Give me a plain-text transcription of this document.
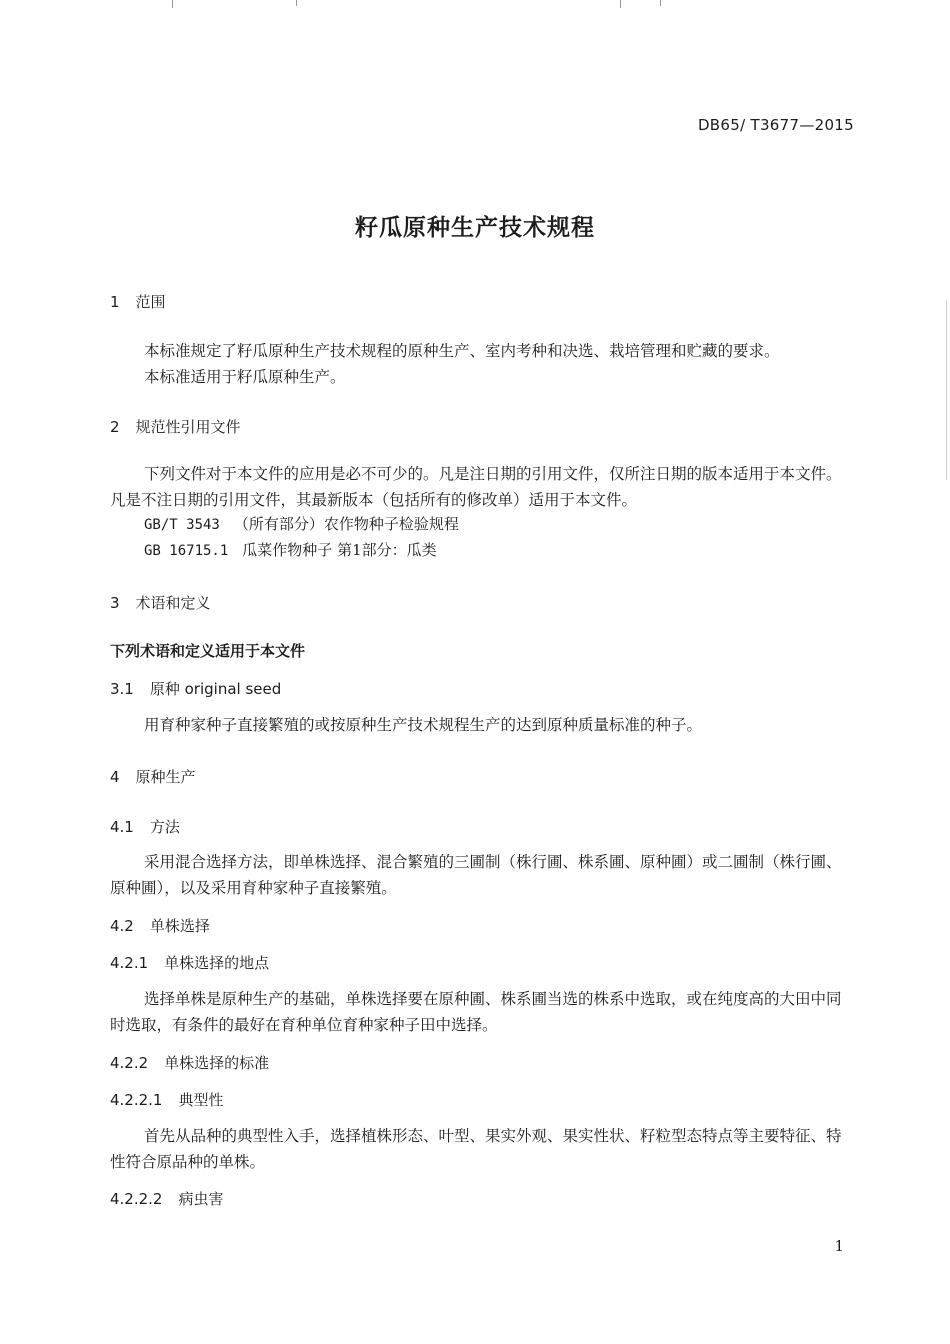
DB65/ T3677—2015
籽瓜原种生产技术规程
1 范围
本标准规定了籽瓜原种生产技术规程的原种生产、室内考种和决选、栽培管理和贮藏的要求。
本标准适用于籽瓜原种生产。
2 规范性引用文件
下列文件对于本文件的应用是必不可少的。凡是注日期的引用文件，仅所注日期的版本适用于本文件。凡是不注日期的引用文件，其最新版本（包括所有的修改单）适用于本文件。
GB/T 3543 （所有部分）农作物种子检验规程
GB 16715.1 瓜菜作物种子 第1部分：瓜类
3 术语和定义
下列术语和定义适用于本文件
3.1 原种 original seed
用育种家种子直接繁殖的或按原种生产技术规程生产的达到原种质量标准的种子。
4 原种生产
4.1 方法
采用混合选择方法，即单株选择、混合繁殖的三圃制（株行圃、株系圃、原种圃）或二圃制（株行圃、原种圃），以及采用育种家种子直接繁殖。
4.2 单株选择
4.2.1 单株选择的地点
选择单株是原种生产的基础，单株选择要在原种圃、株系圃当选的株系中选取，或在纯度高的大田中同时选取，有条件的最好在育种单位育种家种子田中选择。
4.2.2 单株选择的标准
4.2.2.1 典型性
首先从品种的典型性入手，选择植株形态、叶型、果实外观、果实性状、籽粒型态特点等主要特征、特性符合原品种的单株。
4.2.2.2 病虫害
1
